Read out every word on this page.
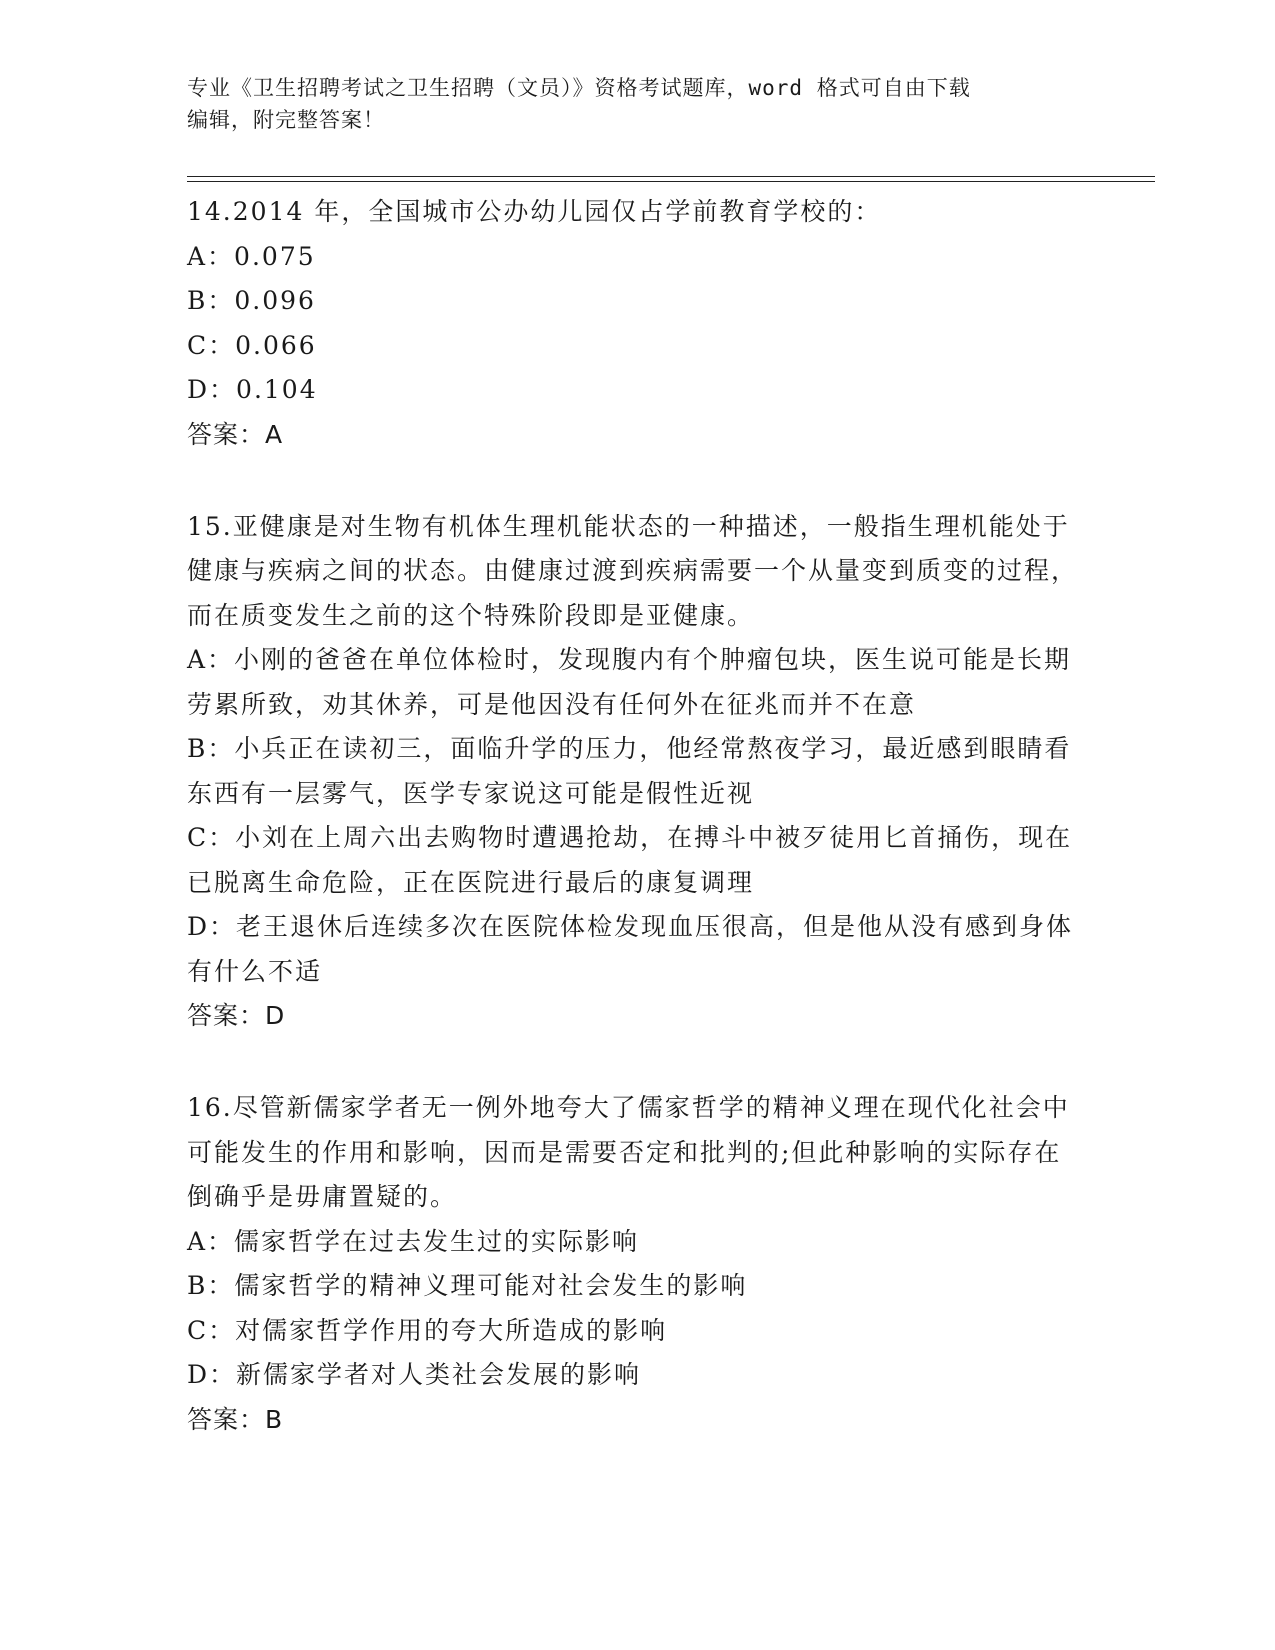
专业《卫生招聘考试之卫生招聘（文员）》资格考试题库，word 格式可自由下载
编辑，附完整答案！

14.2014 年，全国城市公办幼儿园仅占学前教育学校的：

A：0.075

B：0.096

C：0.066

D：0.104

答案：A

15.亚健康是对生物有机体生理机能状态的一种描述，一般指生理机能处于健康与疾病之间的状态。由健康过渡到疾病需要一个从量变到质变的过程，而在质变发生之前的这个特殊阶段即是亚健康。

A：小刚的爸爸在单位体检时，发现腹内有个肿瘤包块，医生说可能是长期劳累所致，劝其休养，可是他因没有任何外在征兆而并不在意

B：小兵正在读初三，面临升学的压力，他经常熬夜学习，最近感到眼睛看东西有一层雾气，医学专家说这可能是假性近视

C：小刘在上周六出去购物时遭遇抢劫，在搏斗中被歹徒用匕首捅伤，现在已脱离生命危险，正在医院进行最后的康复调理

D：老王退休后连续多次在医院体检发现血压很高，但是他从没有感到身体有什么不适

答案：D

16.尽管新儒家学者无一例外地夸大了儒家哲学的精神义理在现代化社会中可能发生的作用和影响，因而是需要否定和批判的;但此种影响的实际存在倒确乎是毋庸置疑的。

A：儒家哲学在过去发生过的实际影响

B：儒家哲学的精神义理可能对社会发生的影响

C：对儒家哲学作用的夸大所造成的影响

D：新儒家学者对人类社会发展的影响

答案：B
